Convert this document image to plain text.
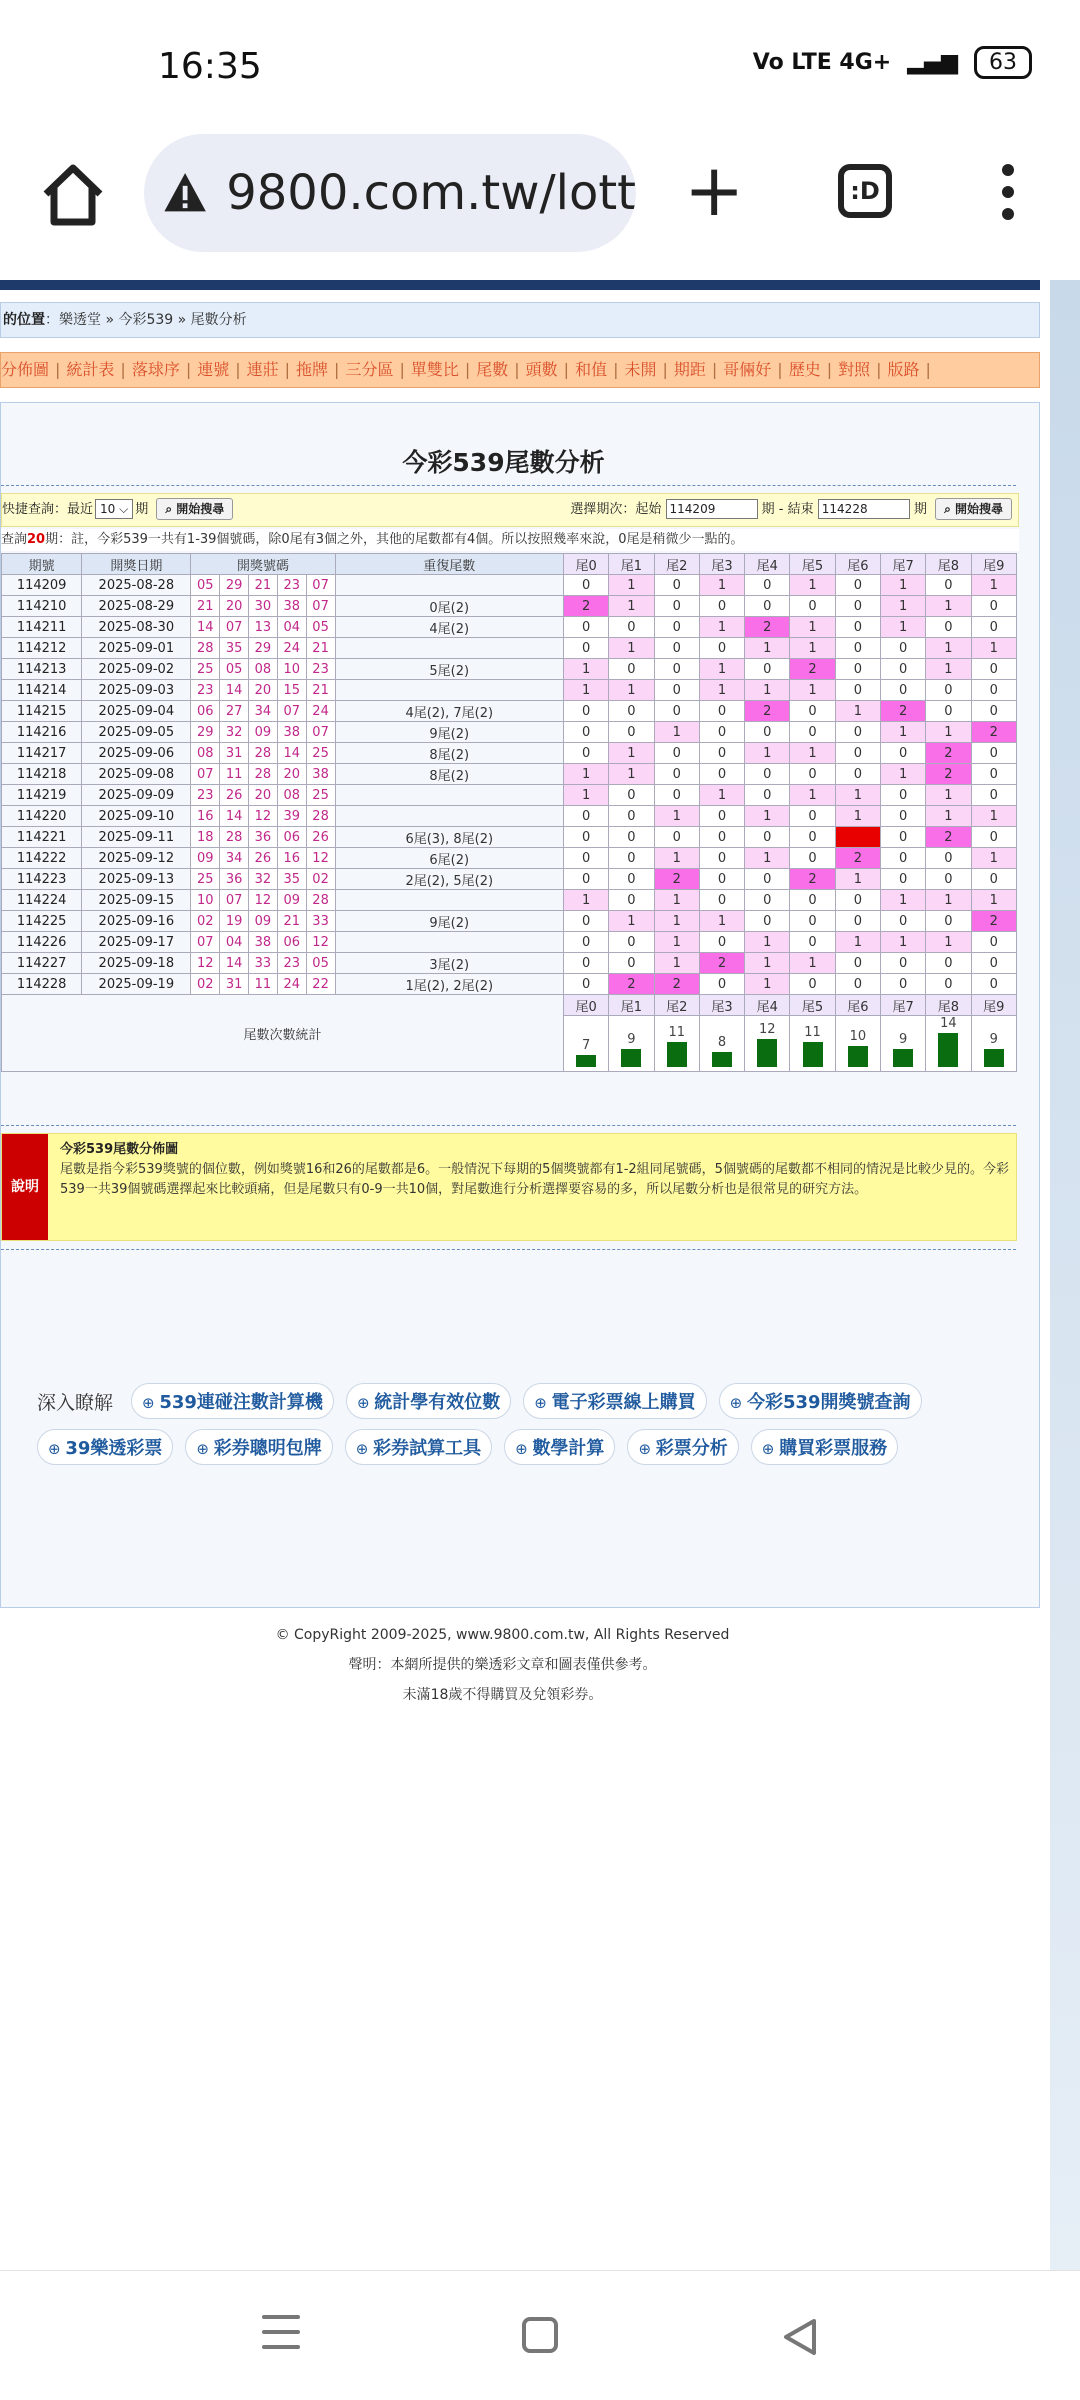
16:35	Vo LTE 4G+ ▂▄▆	63
9800.com.tw/lott +	:D
的位置：樂透堂 » 今彩539 » 尾數分析
分佈圖 | 統計表 | 落球序 | 連號 | 連莊 | 拖牌 | 三分區 | 單雙比 | 尾數 | 頭數 | 和值 | 未開 | 期距 | 哥倆好 | 歷史 | 對照 | 版路 |
今彩539尾數分析
快捷查詢：最近 10 ⌵ 期 ⌕ 開始搜尋	選擇期次：起始 114209	期 - 結束 114228	期 ⌕ 開始搜尋
查詢20期：註，今彩539一共有1-39個號碼，除0尾有3個之外，其他的尾數都有4個。所以按照幾率來說，0尾是稍微少一點的。
期號	開獎日期	開獎號碼					重復尾數	尾0	尾1	尾2	尾3	尾4	尾5	尾6	尾7	尾8	尾9
114209	2025-08-28	05	29	21	23	07		0	1	0	1	0	1	0	1	0	1
114210	2025-08-29	21	20	30	38	07	0尾(2)	2	1	0	0	0	0	0	1	1	0
114211	2025-08-30	14	07	13	04	05	4尾(2)	0	0	0	1	2	1	0	1	0	0
114212	2025-09-01	28	35	29	24	21		0	1	0	0	1	1	0	0	1	1
114213	2025-09-02	25	05	08	10	23	5尾(2)	1	0	0	1	0	2	0	0	1	0
114214	2025-09-03	23	14	20	15	21		1	1	0	1	1	1	0	0	0	0
114215	2025-09-04	06	27	34	07	24	4尾(2), 7尾(2)	0	0	0	0	2	0	1	2	0	0
114216	2025-09-05	29	32	09	38	07	9尾(2)	0	0	1	0	0	0	0	1	1	2
114217	2025-09-06	08	31	28	14	25	8尾(2)	0	1	0	0	1	1	0	0	2	0
114218	2025-09-08	07	11	28	20	38	8尾(2)	1	1	0	0	0	0	0	1	2	0
114219	2025-09-09	23	26	20	08	25		1	0	0	1	0	1	1	0	1	0
114220	2025-09-10	16	14	12	39	28		0	0	1	0	1	0	1	0	1	1
114221	2025-09-11	18	28	36	06	26	6尾(3), 8尾(2)	0	0	0	0	0	0	3	0	2	0
114222	2025-09-12	09	34	26	16	12	6尾(2)	0	0	1	0	1	0	2	0	0	1
114223	2025-09-13	25	36	32	35	02	2尾(2), 5尾(2)	0	0	2	0	0	2	1	0	0	0
114224	2025-09-15	10	07	12	09	28		1	0	1	0	0	0	0	1	1	1
114225	2025-09-16	02	19	09	21	33	9尾(2)	0	1	1	1	0	0	0	0	0	2
114226	2025-09-17	07	04	38	06	12		0	0	1	0	1	0	1	1	1	0
114227	2025-09-18	12	14	33	23	05	3尾(2)	0	0	1	2	1	1	0	0	0	0
114228	2025-09-19	02	31	11	24	22	1尾(2), 2尾(2)	0	2	2	0	1	0	0	0	0	0
尾數次數統計								尾0	尾1	尾2	尾3	尾4	尾5	尾6	尾7	尾8	尾9

								7	9	11	8	12	11	10	9	14	9
說明
今彩539尾數分佈圖
尾數是指今彩539獎號的個位數，例如獎號16和26的尾數都是6。一般情況下每期的5個獎號都有1-2組同尾號碼，5個號碼的尾數都不相同的情況是比較少見的。今彩539一共39個號碼選擇起來比較頭痛，但是尾數只有0-9一共10個，對尾數進行分析選擇要容易的多，所以尾數分析也是很常見的研究方法。
深入瞭解	⊕ 539連碰注數計算機	⊕ 統計學有效位數	⊕ 電子彩票線上購買	⊕ 今彩539開獎號查詢
⊕ 39樂透彩票	⊕ 彩券聰明包牌	⊕ 彩券試算工具	⊕ 數學計算	⊕ 彩票分析	⊕ 購買彩票服務
© CopyRight 2009-2025, www.9800.com.tw, All Rights Reserved
聲明：本網所提供的樂透彩文章和圖表僅供參考。
未滿18歲不得購買及兌領彩券。
